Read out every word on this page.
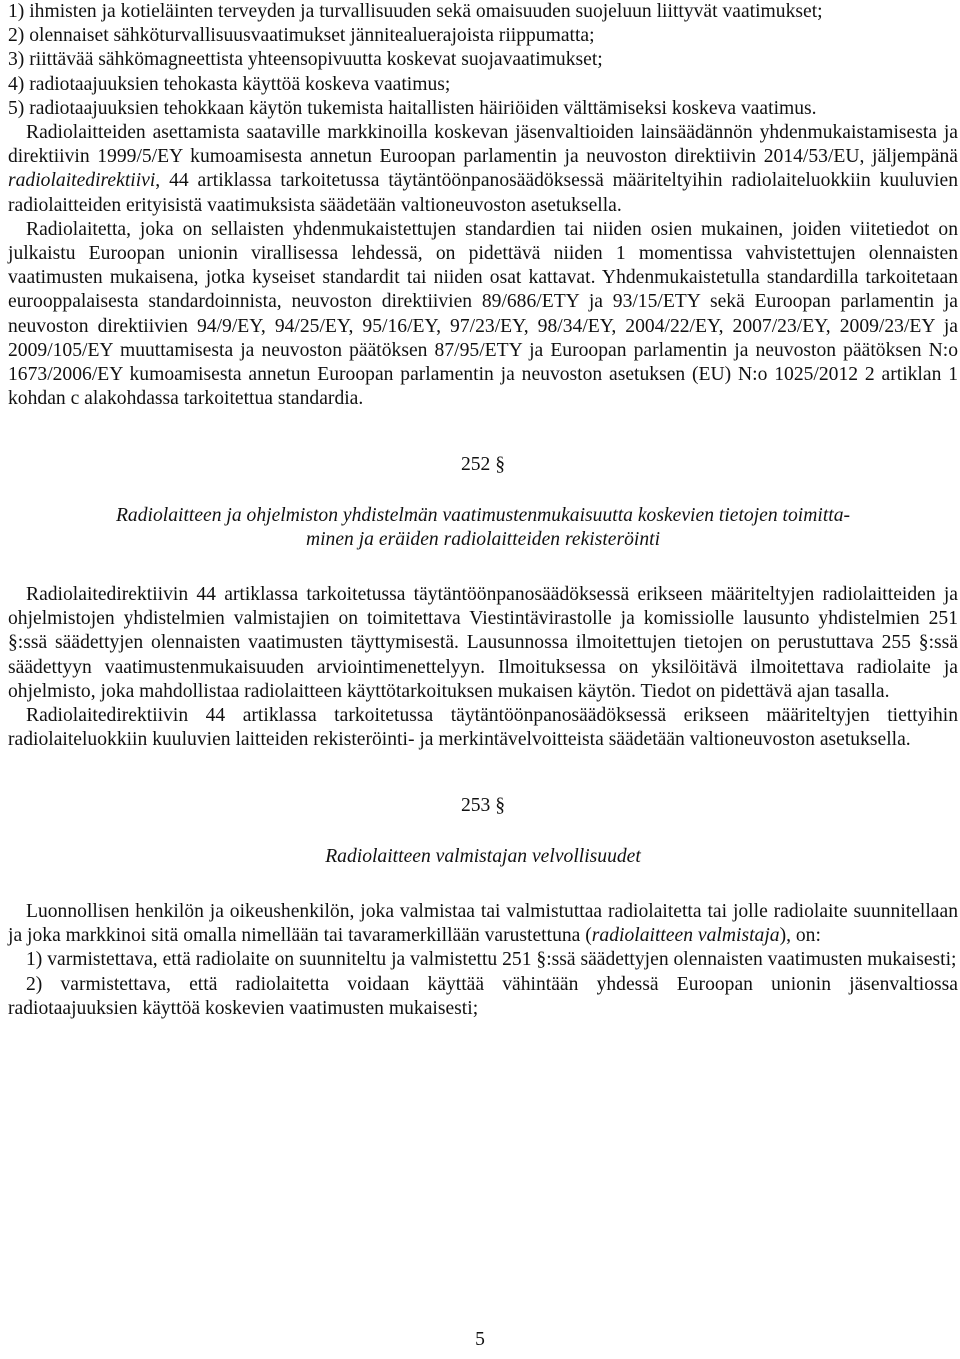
1) ihmisten ja kotieläinten terveyden ja turvallisuuden sekä omaisuuden suojeluun liittyvät vaatimukset;

2) olennaiset sähköturvallisuusvaatimukset jännitealuerajoista riippumatta;

3) riittävää sähkömagneettista yhteensopivuutta koskevat suojavaatimukset;

4) radiotaajuuksien tehokasta käyttöä koskeva vaatimus;

5) radiotaajuuksien tehokkaan käytön tukemista haitallisten häiriöiden välttämiseksi koskeva vaatimus.

Radiolaitteiden asettamista saataville markkinoilla koskevan jäsenvaltioiden lainsäädännön yhdenmukaistamisesta ja direktiivin 1999/5/EY kumoamisesta annetun Euroopan parlamentin ja neuvoston direktiivin 2014/53/EU, jäljempänä radiolaitedirektiivi, 44 artiklassa tarkoitetussa täytäntöönpanosäädöksessä määriteltyihin radiolaiteluokkiin kuuluvien radiolaitteiden erityisistä vaatimuksista säädetään valtioneuvoston asetuksella.

Radiolaitetta, joka on sellaisten yhdenmukaistettujen standardien tai niiden osien mukainen, joiden viitetiedot on julkaistu Euroopan unionin virallisessa lehdessä, on pidettävä niiden 1 momentissa vahvistettujen olennaisten vaatimusten mukaisena, jotka kyseiset standardit tai niiden osat kattavat. Yhdenmukaistetulla standardilla tarkoitetaan eurooppalaisesta standardoinnista, neuvoston direktiivien 89/686/ETY ja 93/15/ETY sekä Euroopan parlamentin ja neuvoston direktiivien 94/9/EY, 94/25/EY, 95/16/EY, 97/23/EY, 98/34/EY, 2004/22/EY, 2007/23/EY, 2009/23/EY ja 2009/105/EY muuttamisesta ja neuvoston päätöksen 87/95/ETY ja Euroopan parlamentin ja neuvoston päätöksen N:o 1673/2006/EY kumoamisesta annetun Euroopan parlamentin ja neuvoston asetuksen (EU) N:o 1025/2012 2 artiklan 1 kohdan c alakohdassa tarkoitettua standardia.

252 §

Radiolaitteen ja ohjelmiston yhdistelmän vaatimustenmukaisuutta koskevien tietojen toimitta-
minen ja eräiden radiolaitteiden rekisteröinti

Radiolaitedirektiivin 44 artiklassa tarkoitetussa täytäntöönpanosäädöksessä erikseen määriteltyjen radiolaitteiden ja ohjelmistojen yhdistelmien valmistajien on toimitettava Viestintävirastolle ja komissiolle lausunto yhdistelmien 251 §:ssä säädettyjen olennaisten vaatimusten täyttymisestä. Lausunnossa ilmoitettujen tietojen on perustuttava 255 §:ssä säädettyyn vaatimustenmukaisuuden arviointimenettelyyn. Ilmoituksessa on yksilöitävä ilmoitettava radiolaite ja ohjelmisto, joka mahdollistaa radiolaitteen käyttötarkoituksen mukaisen käytön. Tiedot on pidettävä ajan tasalla.

Radiolaitedirektiivin 44 artiklassa tarkoitetussa täytäntöönpanosäädöksessä erikseen määriteltyjen tiettyihin radiolaiteluokkiin kuuluvien laitteiden rekisteröinti- ja merkintävelvoitteista säädetään valtioneuvoston asetuksella.

253 §

Radiolaitteen valmistajan velvollisuudet

Luonnollisen henkilön ja oikeushenkilön, joka valmistaa tai valmistuttaa radiolaitetta tai jolle radiolaite suunnitellaan ja joka markkinoi sitä omalla nimellään tai tavaramerkillään varustettuna (radiolaitteen valmistaja), on:

1) varmistettava, että radiolaite on suunniteltu ja valmistettu 251 §:ssä säädettyjen olennaisten vaatimusten mukaisesti;

2) varmistettava, että radiolaitetta voidaan käyttää vähintään yhdessä Euroopan unionin jäsenvaltiossa radiotaajuuksien käyttöä koskevien vaatimusten mukaisesti;

5
